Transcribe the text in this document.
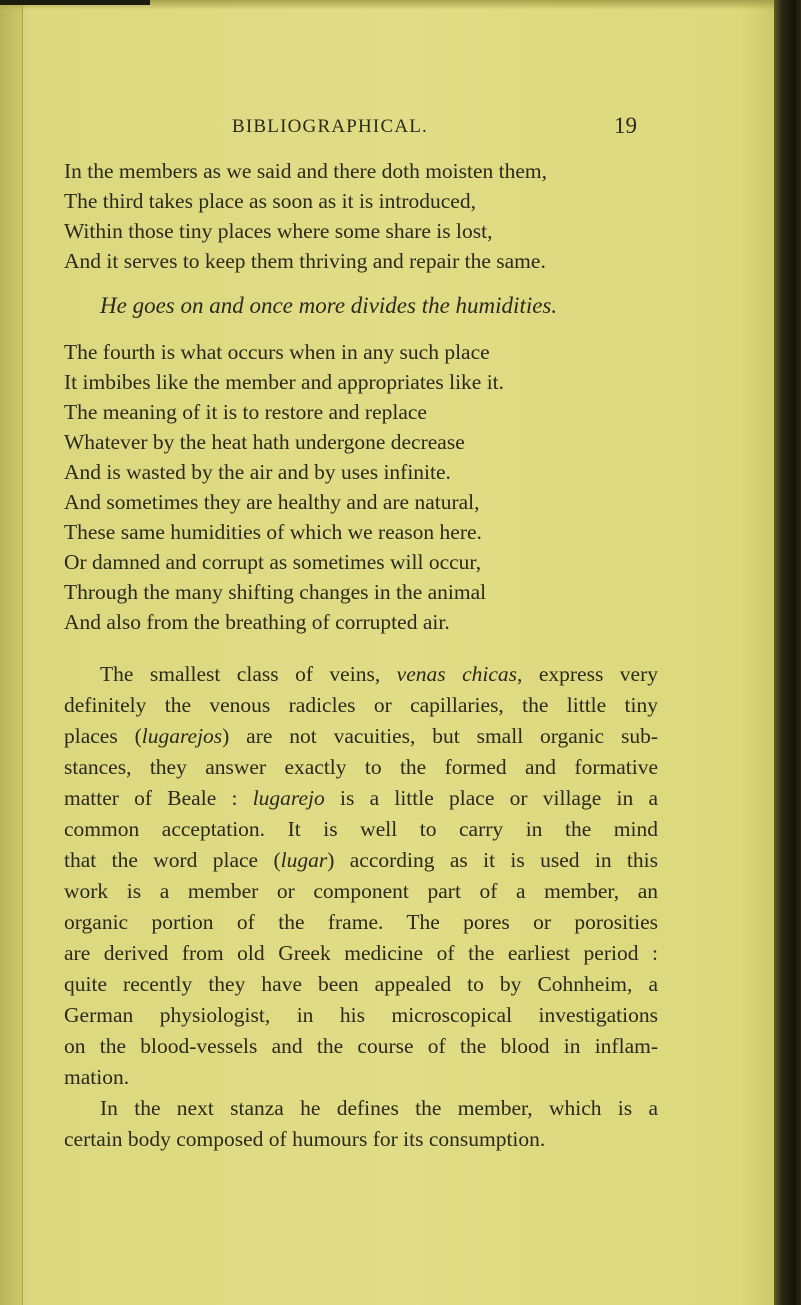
BIBLIOGRAPHICAL.	19
In the members as we said and there doth moisten them,
The third takes place as soon as it is introduced,
Within those tiny places where some share is lost,
And it serves to keep them thriving and repair the same.
He goes on and once more divides the humidities.
The fourth is what occurs when in any such place
It imbibes like the member and appropriates like it.
The meaning of it is to restore and replace
Whatever by the heat hath undergone decrease
And is wasted by the air and by uses infinite.
And sometimes they are healthy and are natural,
These same humidities of which we reason here.
Or damned and corrupt as sometimes will occur,
Through the many shifting changes in the animal
And also from the breathing of corrupted air.
The smallest class of veins, venas chicas, express very
definitely the venous radicles or capillaries, the little tiny
places (lugarejos) are not vacuities, but small organic sub-
stances, they answer exactly to the formed and formative
matter of Beale : lugarejo is a little place or village in a
common acceptation. It is well to carry in the mind
that the word place (lugar) according as it is used in this
work is a member or component part of a member, an
organic portion of the frame. The pores or porosities
are derived from old Greek medicine of the earliest period :
quite recently they have been appealed to by Cohnheim, a
German physiologist, in his microscopical investigations
on the blood-vessels and the course of the blood in inflam-
mation.
In the next stanza he defines the member, which is a
certain body composed of humours for its consumption.
